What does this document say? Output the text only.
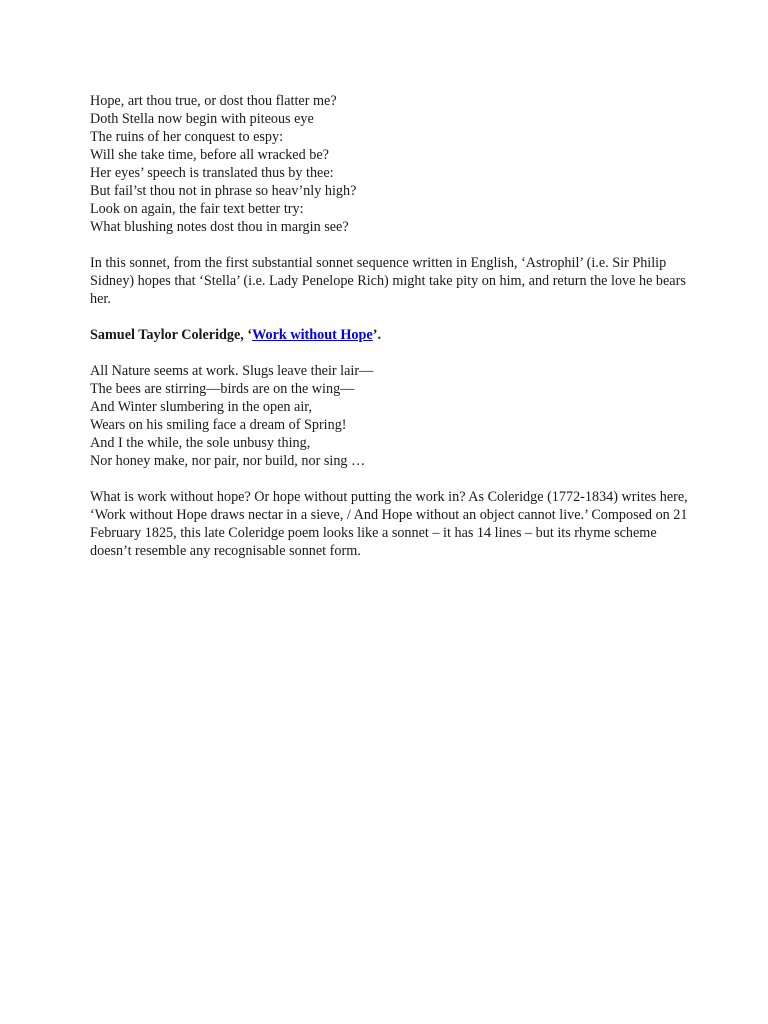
Hope, art thou true, or dost thou flatter me?
Doth Stella now begin with piteous eye
The ruins of her conquest to espy:
Will she take time, before all wracked be?
Her eyes’ speech is translated thus by thee:
But fail’st thou not in phrase so heav’nly high?
Look on again, the fair text better try:
What blushing notes dost thou in margin see?

In this sonnet, from the first substantial sonnet sequence written in English, ‘Astrophil’ (i.e. Sir Philip Sidney) hopes that ‘Stella’ (i.e. Lady Penelope Rich) might take pity on him, and return the love he bears her.

Samuel Taylor Coleridge, ‘Work without Hope’.

All Nature seems at work. Slugs leave their lair—
The bees are stirring—birds are on the wing—
And Winter slumbering in the open air,
Wears on his smiling face a dream of Spring!
And I the while, the sole unbusy thing,
Nor honey make, nor pair, nor build, nor sing …

What is work without hope? Or hope without putting the work in? As Coleridge (1772-1834) writes here, ‘Work without Hope draws nectar in a sieve, / And Hope without an object cannot live.’ Composed on 21 February 1825, this late Coleridge poem looks like a sonnet – it has 14 lines – but its rhyme scheme doesn’t resemble any recognisable sonnet form.
